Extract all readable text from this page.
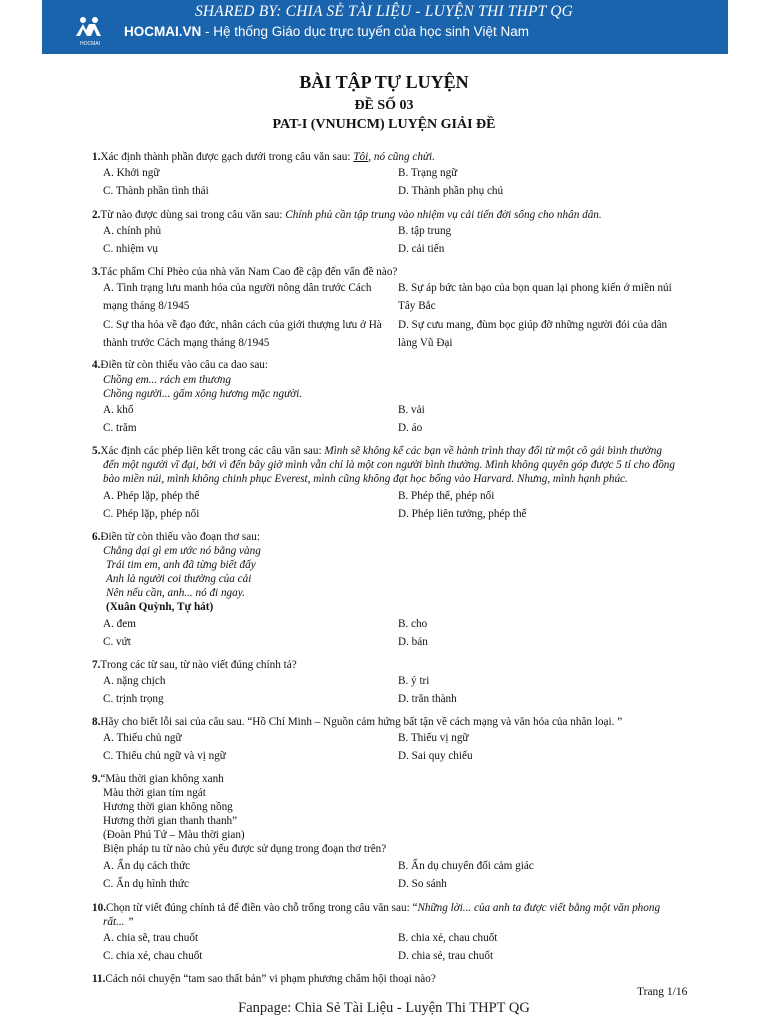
SHARED BY: CHIA SẺ TÀI LIỆU - LUYỆN THI THPT QG
HOCMAI
HOCMAI.VN - Hệ thống Giáo dục trực tuyến của học sinh Việt Nam
BÀI TẬP TỰ LUYỆN
ĐỀ SỐ 03
PAT-I (VNUHCM) LUYỆN GIẢI ĐỀ
1.Xác định thành phần được gạch dưới trong câu văn sau: Tôi, nó cũng chửi.
A. Khởi ngữ	B. Trạng ngữ
C. Thành phần tình thái	D. Thành phần phụ chú
2.Từ nào được dùng sai trong câu văn sau: Chính phủ cần tập trung vào nhiệm vụ cải tiến đời sống cho nhân dân.
A. chính phủ	B. tập trung
C. nhiệm vụ	D. cải tiến
3.Tác phẩm Chí Phèo của nhà văn Nam Cao đề cập đến vấn đề nào?
A. Tình trạng lưu manh hóa của người nông dân trước Cách
mạng tháng 8/1945
B. Sự áp bức tàn bạo của bọn quan lại phong kiến ở miền núi
Tây Bắc
C. Sự tha hóa về đạo đức, nhân cách của giới thượng lưu ở Hà
thành trước Cách mạng tháng 8/1945
D. Sự cưu mang, đùm bọc giúp đỡ những người đói của dân
làng Vũ Đại
4.Điền từ còn thiếu vào câu ca dao sau:
Chồng em... rách em thương
Chồng người... gấm xông hương mặc người.
A. khổ	B. vải
C. trăm	D. áo
5.Xác định các phép liên kết trong các câu văn sau: Mình sẽ không kể các bạn về hành trình thay đổi từ một cô gái bình thường
đến một người vĩ đại, bởi vì đến bây giờ mình vẫn chỉ là một con người bình thường. Mình không quyên góp được 5 tỉ cho đồng
bào miền núi, mình không chinh phục Everest, mình cũng không đạt học bổng vào Harvard. Nhưng, mình hạnh phúc.
A. Phép lặp, phép thế	B. Phép thế, phép nối
C. Phép lặp, phép nối	D. Phép liên tưởng, phép thế
6.Điền từ còn thiếu vào đoạn thơ sau:
Chẳng dại gì em ước nó bằng vàng
Trái tim em, anh đã từng biết đấy
Anh là người coi thường của cải
Nên nếu cần, anh... nó đi ngay.
(Xuân Quỳnh, Tự hát)
A. đem	B. cho
C. vứt	D. bán
7.Trong các từ sau, từ nào viết đúng chính tả?
A. nặng chịch	B. ý tri
C. trịnh trọng	D. trăn thành
8.Hãy cho biết lỗi sai của câu sau. “Hồ Chí Minh – Nguồn cảm hứng bất tận về cách mạng và văn hóa của nhân loại. ”
A. Thiếu chủ ngữ	B. Thiếu vị ngữ
C. Thiếu chủ ngữ và vị ngữ	D. Sai quy chiếu
9.“Màu thời gian không xanh
Màu thời gian tím ngát
Hương thời gian không nồng
Hương thời gian thanh thanh”
(Đoàn Phú Tứ – Màu thời gian)
Biện pháp tu từ nào chủ yếu được sử dụng trong đoạn thơ trên?
A. Ẩn dụ cách thức	B. Ẩn dụ chuyển đổi cảm giác
C. Ẩn dụ hình thức	D. So sánh
10.Chọn từ viết đúng chính tả để điền vào chỗ trống trong câu văn sau: “Những lời... của anh ta được viết bằng một văn phong
rất... ”
A. chia sẽ, trau chuốt	B. chia xẻ, chau chuốt
C. chia xẻ, chau chuốt	D. chia sẻ, trau chuốt
11.Cách nói chuyện “tam sao thất bản” vi phạm phương châm hội thoại nào?
Trang 1/16
Fanpage: Chia Sẻ Tài Liệu - Luyện Thi THPT QG
